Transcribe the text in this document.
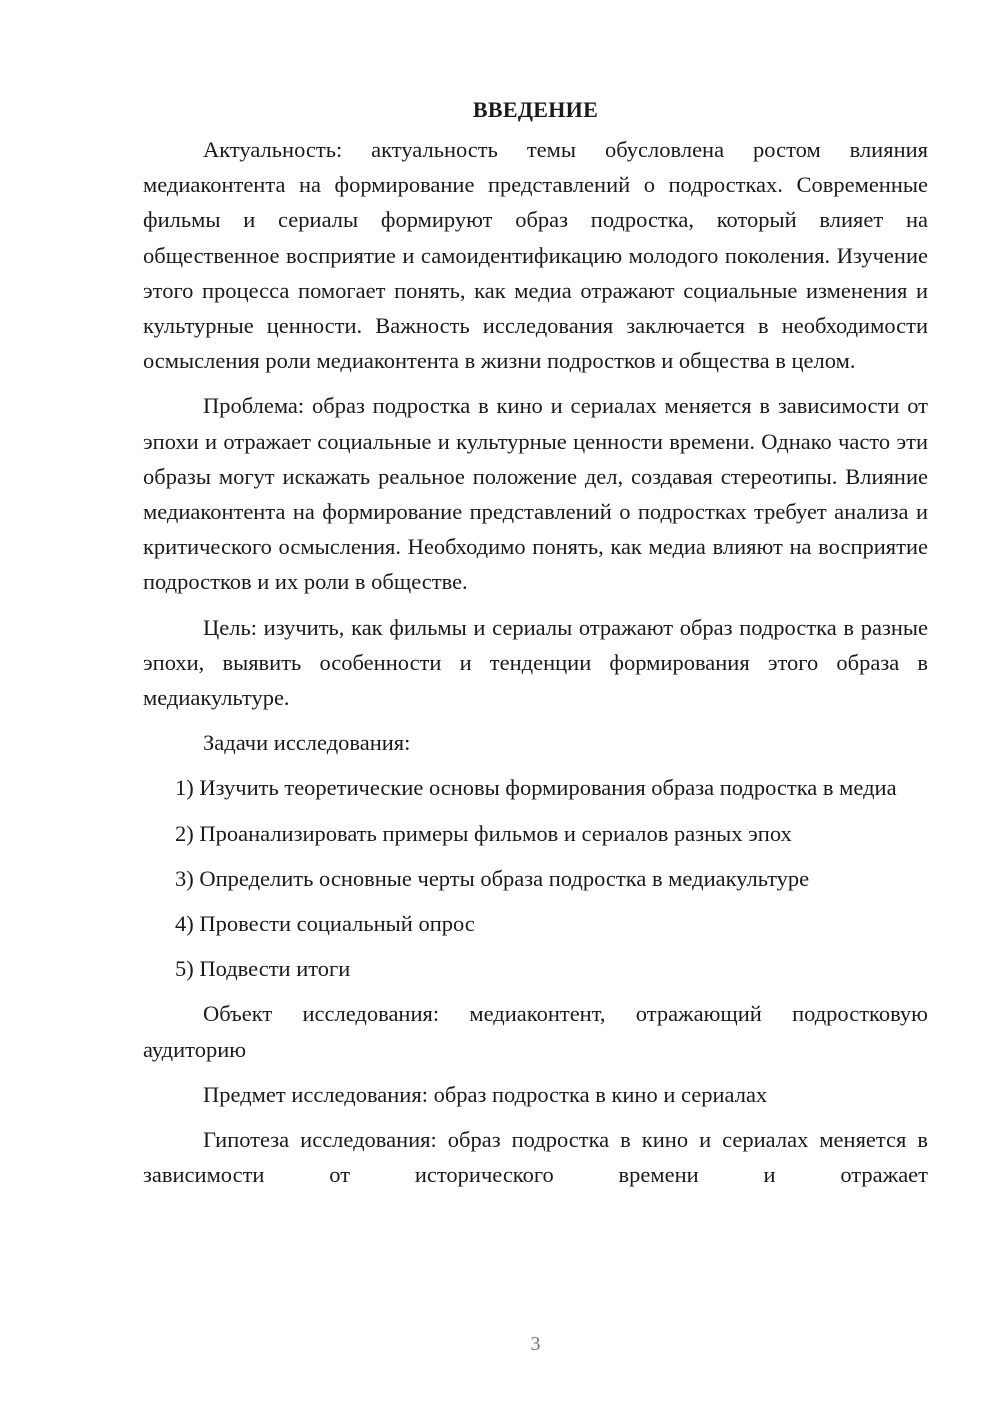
ВВЕДЕНИЕ

Актуальность: актуальность темы обусловлена ростом влияния медиаконтента на формирование представлений о подростках. Современные фильмы и сериалы формируют образ подростка, который влияет на общественное восприятие и самоидентификацию молодого поколения. Изучение этого процесса помогает понять, как медиа отражают социальные изменения и культурные ценности. Важность исследования заключается в необходимости осмысления роли медиаконтента в жизни подростков и общества в целом.

Проблема: образ подростка в кино и сериалах меняется в зависимости от эпохи и отражает социальные и культурные ценности времени. Однако часто эти образы могут искажать реальное положение дел, создавая стереотипы. Влияние медиаконтента на формирование представлений о подростках требует анализа и критического осмысления. Необходимо понять, как медиа влияют на восприятие подростков и их роли в обществе.

Цель: изучить, как фильмы и сериалы отражают образ подростка в разные эпохи, выявить особенности и тенденции формирования этого образа в медиакультуре.

Задачи исследования:

1) Изучить теоретические основы формирования образа подростка в медиа

2) Проанализировать примеры фильмов и сериалов разных эпох

3) Определить основные черты образа подростка в медиакультуре

4) Провести социальный опрос

5) Подвести итоги

Объект исследования: медиаконтент, отражающий подростковую аудиторию

Предмет исследования: образ подростка в кино и сериалах

Гипотеза исследования: образ подростка в кино и сериалах меняется в зависимости от исторического времени и отражает

3
